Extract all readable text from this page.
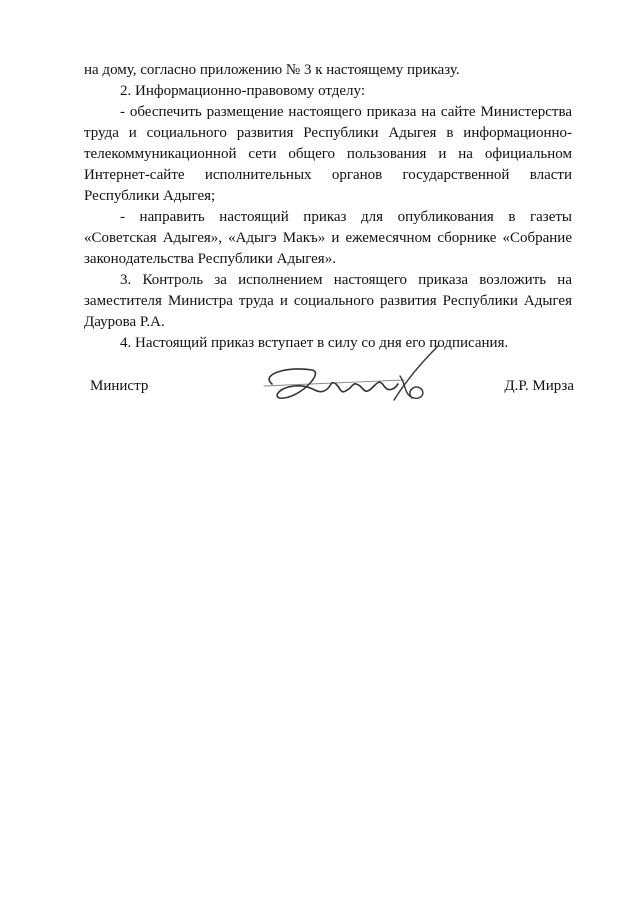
на дому, согласно приложению № 3 к настоящему приказу.

2. Информационно-правовому отделу:

- обеспечить размещение настоящего приказа на сайте Министерства труда и социального развития Республики Адыгея в информационно-телекоммуникационной сети общего пользования и на официальном Интернет-сайте исполнительных органов государственной власти Республики Адыгея;

- направить настоящий приказ для опубликования в газеты «Советская Адыгея», «Адыгэ Макъ» и ежемесячном сборнике «Собрание законодательства Республики Адыгея».

3. Контроль за исполнением настоящего приказа возложить на заместителя Министра труда и социального развития Республики Адыгея Даурова Р.А.

4. Настоящий приказ вступает в силу со дня его подписания.

Министр	Д.Р. Мирза
